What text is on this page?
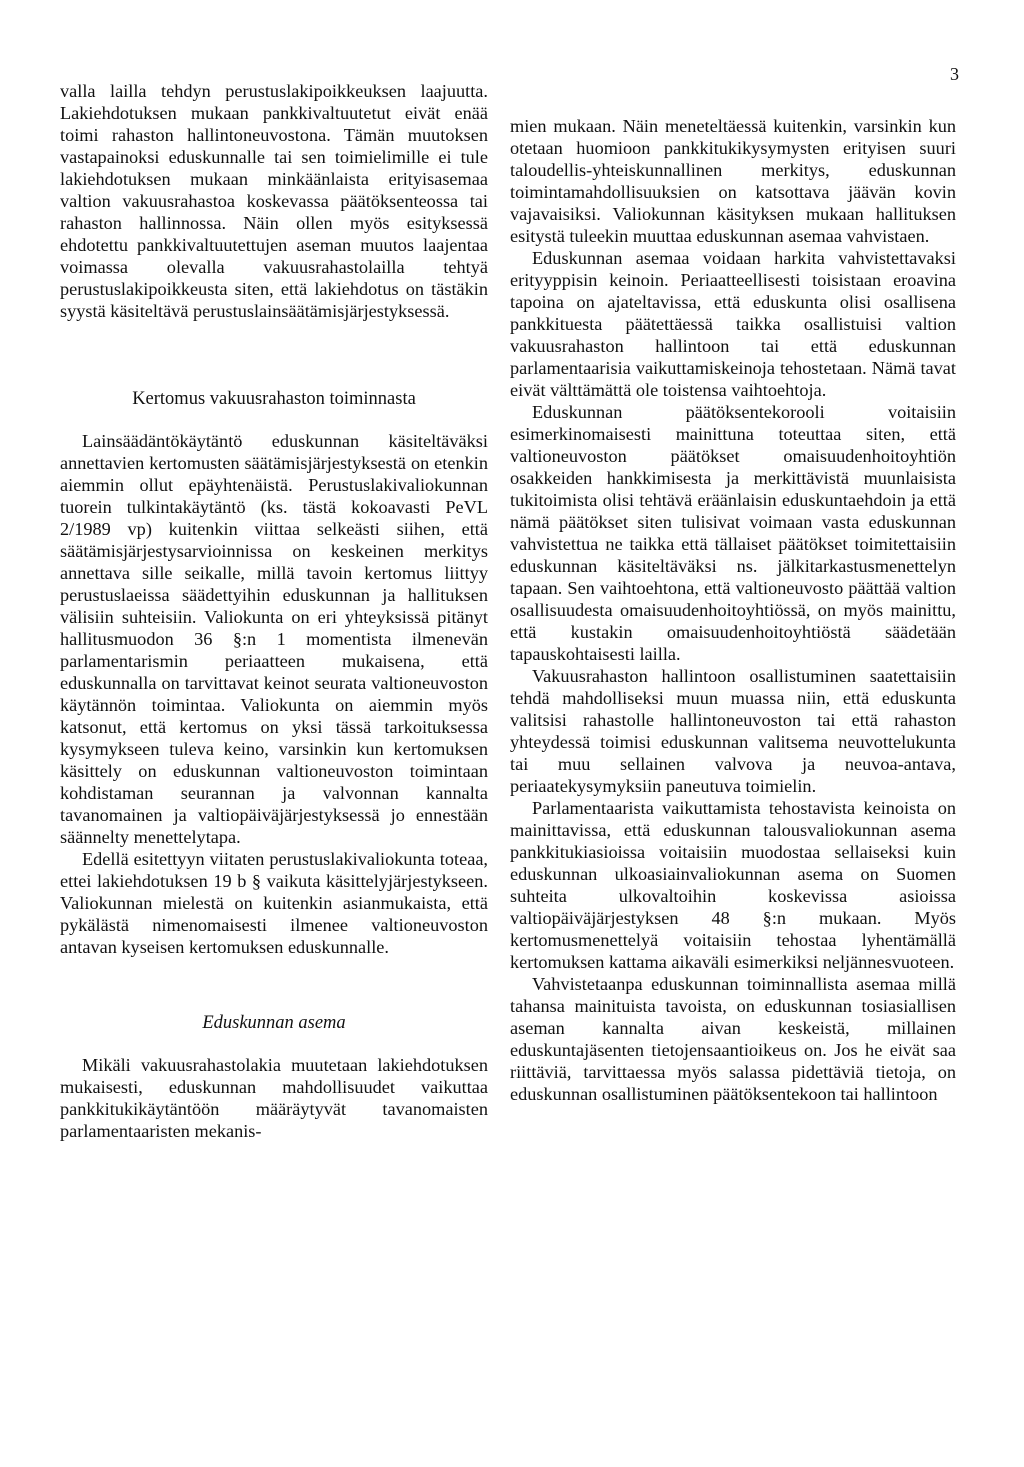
3

valla lailla tehdyn perustuslakipoikkeuksen laajuutta. Lakiehdotuksen mukaan pankkivaltuutetut eivät enää toimi rahaston hallintoneuvostona. Tämän muutoksen vastapainoksi eduskunnalle tai sen toimielimille ei tule lakiehdotuksen mukaan minkäänlaista erityisasemaa valtion vakuusrahastoa koskevassa päätöksenteossa tai rahaston hallinnossa. Näin ollen myös esityksessä ehdotettu pankkivaltuutettujen aseman muutos laajentaa voimassa olevalla vakuusrahastolailla tehtyä perustuslakipoikkeusta siten, että lakiehdotus on tästäkin syystä käsiteltävä perustuslainsäätämisjärjestyksessä.

Kertomus vakuusrahaston toiminnasta

Lainsäädäntökäytäntö eduskunnan käsiteltäväksi annettavien kertomusten säätämisjärjestyksestä on etenkin aiemmin ollut epäyhtenäistä. Perustuslakivaliokunnan tuorein tulkintakäytäntö (ks. tästä kokoavasti PeVL 2/1989 vp) kuitenkin viittaa selkeästi siihen, että säätämisjärjestysarvioinnissa on keskeinen merkitys annettava sille seikalle, millä tavoin kertomus liittyy perustuslaeissa säädettyihin eduskunnan ja hallituksen välisiin suhteisiin. Valiokunta on eri yhteyksissä pitänyt hallitusmuodon 36 §:n 1 momentista ilmenevän parlamentarismin periaatteen mukaisena, että eduskunnalla on tarvittavat keinot seurata valtioneuvoston käytännön toimintaa. Valiokunta on aiemmin myös katsonut, että kertomus on yksi tässä tarkoituksessa kysymykseen tuleva keino, varsinkin kun kertomuksen käsittely on eduskunnan valtioneuvoston toimintaan kohdistaman seurannan ja valvonnan kannalta tavanomainen ja valtiopäiväjärjestyksessä jo ennestään säännelty menettelytapa.

Edellä esitettyyn viitaten perustuslakivaliokunta toteaa, ettei lakiehdotuksen 19 b § vaikuta käsittelyjärjestykseen. Valiokunnan mielestä on kuitenkin asianmukaista, että pykälästä nimenomaisesti ilmenee valtioneuvoston antavan kyseisen kertomuksen eduskunnalle.

Eduskunnan asema

Mikäli vakuusrahastolakia muutetaan lakiehdotuksen mukaisesti, eduskunnan mahdollisuudet vaikuttaa pankkitukikäytäntöön määräytyvät tavanomaisten parlamentaaristen mekanis-

mien mukaan. Näin meneteltäessä kuitenkin, varsinkin kun otetaan huomioon pankkitukikysymysten erityisen suuri taloudellis-yhteiskunnallinen merkitys, eduskunnan toimintamahdollisuuksien on katsottava jäävän kovin vajavaisiksi. Valiokunnan käsityksen mukaan hallituksen esitystä tuleekin muuttaa eduskunnan asemaa vahvistaen.

Eduskunnan asemaa voidaan harkita vahvistettavaksi erityyppisin keinoin. Periaatteellisesti toisistaan eroavina tapoina on ajateltavissa, että eduskunta olisi osallisena pankkituesta päätettäessä taikka osallistuisi valtion vakuusrahaston hallintoon tai että eduskunnan parlamentaarisia vaikuttamiskeinoja tehostetaan. Nämä tavat eivät välttämättä ole toistensa vaihtoehtoja.

Eduskunnan päätöksentekorooli voitaisiin esimerkinomaisesti mainittuna toteuttaa siten, että valtioneuvoston päätökset omaisuudenhoitoyhtiön osakkeiden hankkimisesta ja merkittävistä muunlaisista tukitoimista olisi tehtävä eräänlaisin eduskuntaehdoin ja että nämä päätökset siten tulisivat voimaan vasta eduskunnan vahvistettua ne taikka että tällaiset päätökset toimitettaisiin eduskunnan käsiteltäväksi ns. jälkitarkastusmenettelyn tapaan. Sen vaihtoehtona, että valtioneuvosto päättää valtion osallisuudesta omaisuudenhoitoyhtiössä, on myös mainittu, että kustakin omaisuudenhoitoyhtiöstä säädetään tapauskohtaisesti lailla.

Vakuusrahaston hallintoon osallistuminen saatettaisiin tehdä mahdolliseksi muun muassa niin, että eduskunta valitsisi rahastolle hallintoneuvoston tai että rahaston yhteydessä toimisi eduskunnan valitsema neuvottelukunta tai muu sellainen valvova ja neuvoa-antava, periaatekysymyksiin paneutuva toimielin.

Parlamentaarista vaikuttamista tehostavista keinoista on mainittavissa, että eduskunnan talousvaliokunnan asema pankkitukiasioissa voitaisiin muodostaa sellaiseksi kuin eduskunnan ulkoasiainvaliokunnan asema on Suomen suhteita ulkovaltoihin koskevissa asioissa valtiopäiväjärjestyksen 48 §:n mukaan. Myös kertomusmenettelyä voitaisiin tehostaa lyhentämällä kertomuksen kattama aikaväli esimerkiksi neljännesvuoteen.

Vahvistetaanpa eduskunnan toiminnallista asemaa millä tahansa mainituista tavoista, on eduskunnan tosiasiallisen aseman kannalta aivan keskeistä, millainen eduskuntajäsenten tietojensaantioikeus on. Jos he eivät saa riittäviä, tarvittaessa myös salassa pidettäviä tietoja, on eduskunnan osallistuminen päätöksentekoon tai hallintoon
